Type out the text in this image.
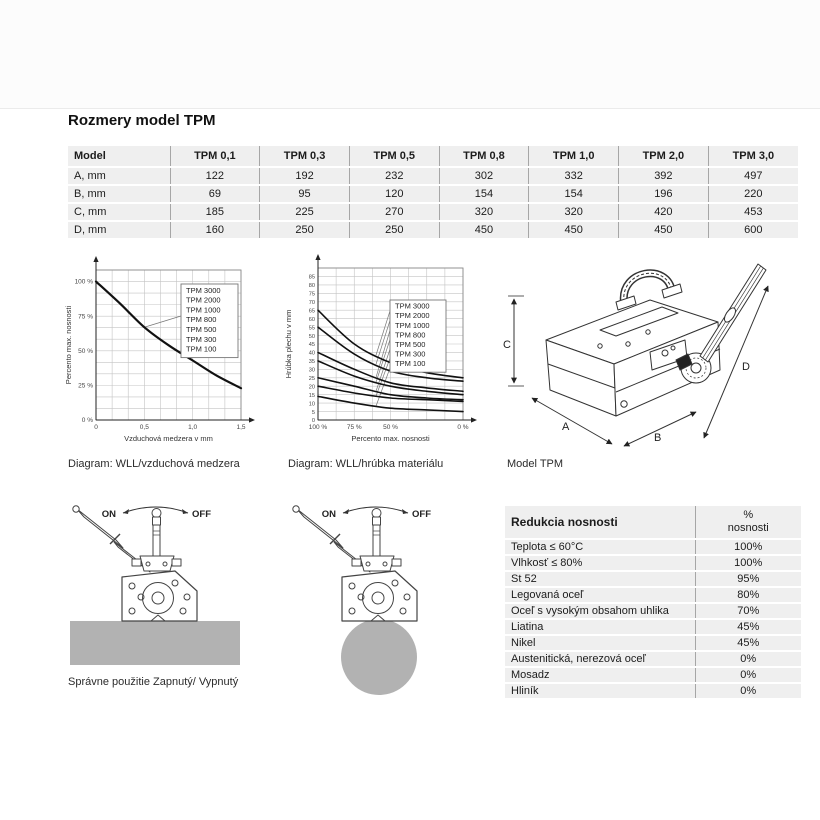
Rozmery model TPM
Model	TPM 0,1	TPM 0,3	TPM 0,5	TPM 0,8	TPM 1,0	TPM 2,0	TPM 3,0
A, mm	122	192	232	302	332	392	497
B, mm	69	95	120	154	154	196	220
C, mm	185	225	270	320	320	420	453
D, mm	160	250	250	450	450	450	600
0 %
25 %
50 %
75 %
100 %
0	0,5	1,0	1,5
Vzduchová medzera v mm
Percento max. nosnosti
TPM 3000
TPM 2000
TPM 1000
TPM 800
TPM 500
TPM 300
TPM 100
Diagram: WLL/vzduchová medzera
0
5
10
15
20
25
30
35
40
45
50
55
60
65
70
75
80
85
100 %	75 %	50 %	0 %
Percento max. nosnosti
Hrúbka plechu v mm
TPM 3000
TPM 2000
TPM 1000
TPM 800
TPM 500
TPM 300
TPM 100
Diagram: WLL/hrúbka materiálu
C
A
B
D
Model TPM
ON	OFF	ON	OFF
Správne použitie Zapnutý/ Vypnutý
Redukcia nosnosti	%
nosnosti

Teplota ≤ 60°C	100%
Vlhkosť ≤ 80%	100%
St 52	95%
Legovaná oceľ	80%
Oceľ s vysokým obsahom uhlika	70%
Liatina	45%
Nikel	45%
Austenitická, nerezová oceľ	0%
Mosadz	0%
Hliník	0%
